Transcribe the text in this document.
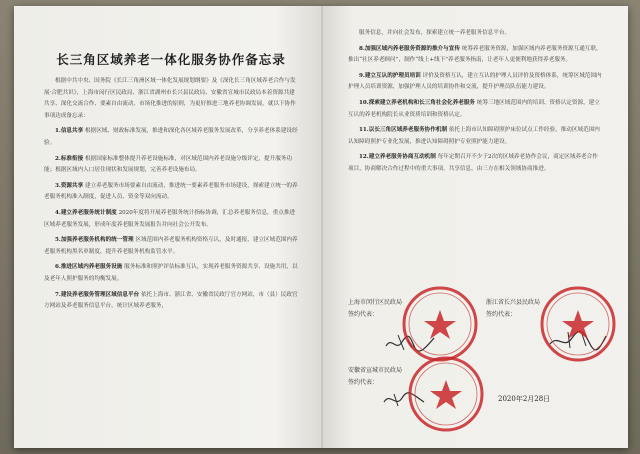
长三角区域养老一体化服务协作备忘录

根据中共中央、国务院《长江三角洲区域一体化发展规划纲要》及《深化长三角区域养老合作与发展·合肥共识》，上海市闵行区民政局、浙江省湖州市长兴县民政局、安徽省宣城市民政局本着资源共建共享、深化交流合作、要素自由流动、市场化推进的原则，为更好推进三地养老协调发展，就以下协作事项达成备忘录：

1.信息共享 根据区域、财政标准发展，推进和深化各区域养老服务发展改革，分享养老体系建设经验。

2.标准衔接 根据国家标准整体提升养老设施标准，对区域范围内养老设施分级评定，提升服务功能；根据区域内人口居住现状和发展规划，完善养老设施布局。

3.资源共享 建立养老服务市场要素自由流动，推进统一要素养老服务市场建设，探索建立统一的养老服务机构准入制度，促进人员、资金等双向流动。

4.建立养老服务统计制度 2020年度将开展养老服务统计指标协调，汇总养老服务信息，重点推进区域养老服务发展，形成年度养老服务发展报告并向社会公开发布。

5.加强养老服务机构的统一管理 区域范围内养老服务机构资格互认，及时通报，建立区域范围内养老服务机构黑名单制度，提升养老服务机构监管水平。

6.推进区域内养老服务设施 服务标准和照护评估标准互认，实现养老服务资源共享、设施共用，以及老年人照护服务的均衡发展。

7.建设养老服务管理区域信息平台 依托上海市、浙江省、安徽省民政厅官方网站，市（县）民政官方网站及养老服务信息平台，统计区域养老服务，

服务信息，并向社会发布，探索建立统一养老服务信息平台。

8.加强区域内养老服务资源的推介与宣传 统筹养老服务资源，加强区域内养老服务资源互通互联，推出“社区养老顾问”，制作“线上+线下”养老服务指南，让老年人更便利地获得养老服务。

9.建立互认的护理员培训 评价及资格互认，建立互认的护理人员评价及资格体系，统筹区域范围内护理人员培训资源，加强护理人员的培训协作和交流，提升护理员队伍能力建设。

10.探索建立养老机构和长三角社会化养老服务 统筹三地区域范围内的培训、资格认定资源，建立互认的养老机构院长从业资质培训和资格认定。

11.以长三角区域养老服务协作机制 依托上海市认知障碍照护床位试点工作经验，推动区域范围内认知障碍照护专业化发展，推进认知障碍照护专业照护能力建设。

12.建立养老服务协商互动机制 每年定期召开不少于2次的区域养老协作会议，商定区域养老合作项目，协商解决合作过程中的重大事项，共享信息，由三方在相关领域协商推进。

上海市闵行区民政局
签约代表：
浙江省长兴县民政局
签约代表：
安徽省宣城市民政局
签约代表：
2020年2月28日
